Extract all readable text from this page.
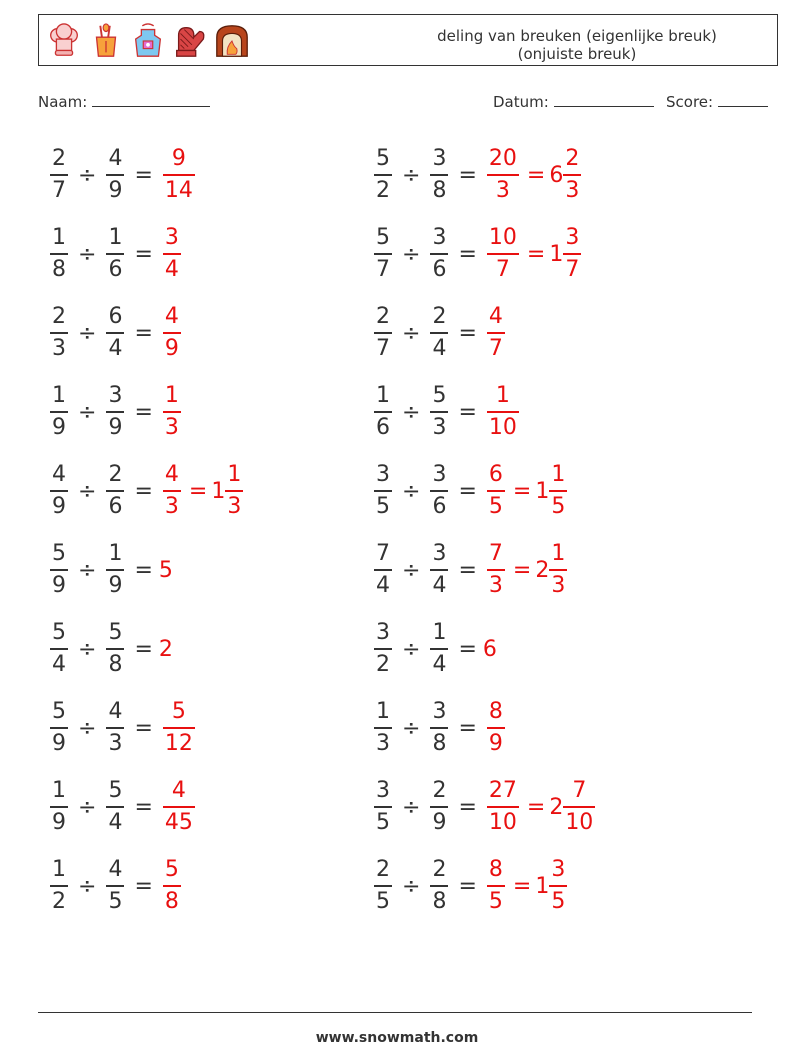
deling van breuken (eigenlijke breuk)
(onjuiste breuk)
Naam:	Datum:	Score:
$\frac{2}{7} \div \frac{4}{9} = \frac{9}{14}$	$\frac{5}{2} \div \frac{3}{8} = \frac{20}{3} = 6 \frac{2}{3}$
$\frac{1}{8} \div \frac{1}{6} = \frac{3}{4}$	$\frac{5}{7} \div \frac{3}{6} = \frac{10}{7} = 1 \frac{3}{7}$
$\frac{2}{3} \div \frac{6}{4} = \frac{4}{9}$	$\frac{2}{7} \div \frac{2}{4} = \frac{4}{7}$
$\frac{1}{9} \div \frac{3}{9} = \frac{1}{3}$	$\frac{1}{6} \div \frac{5}{3} = \frac{1}{10}$
$\frac{4}{9} \div \frac{2}{6} = \frac{4}{3} = 1 \frac{1}{3}$	$\frac{3}{5} \div \frac{3}{6} = \frac{6}{5} = 1 \frac{1}{5}$
$\frac{5}{9} \div \frac{1}{9} = 5$	$\frac{7}{4} \div \frac{3}{4} = \frac{7}{3} = 2 \frac{1}{3}$
$\frac{5}{4} \div \frac{5}{8} = 2$	$\frac{3}{2} \div \frac{1}{4} = 6$
$\frac{5}{9} \div \frac{4}{3} = \frac{5}{12}$	$\frac{1}{3} \div \frac{3}{8} = \frac{8}{9}$
$\frac{1}{9} \div \frac{5}{4} = \frac{4}{45}$	$\frac{3}{5} \div \frac{2}{9} = \frac{27}{10} = 2 \frac{7}{10}$
$\frac{1}{2} \div \frac{4}{5} = \frac{5}{8}$	$\frac{2}{5} \div \frac{2}{8} = \frac{8}{5} = 1 \frac{3}{5}$
www.snowmath.com
